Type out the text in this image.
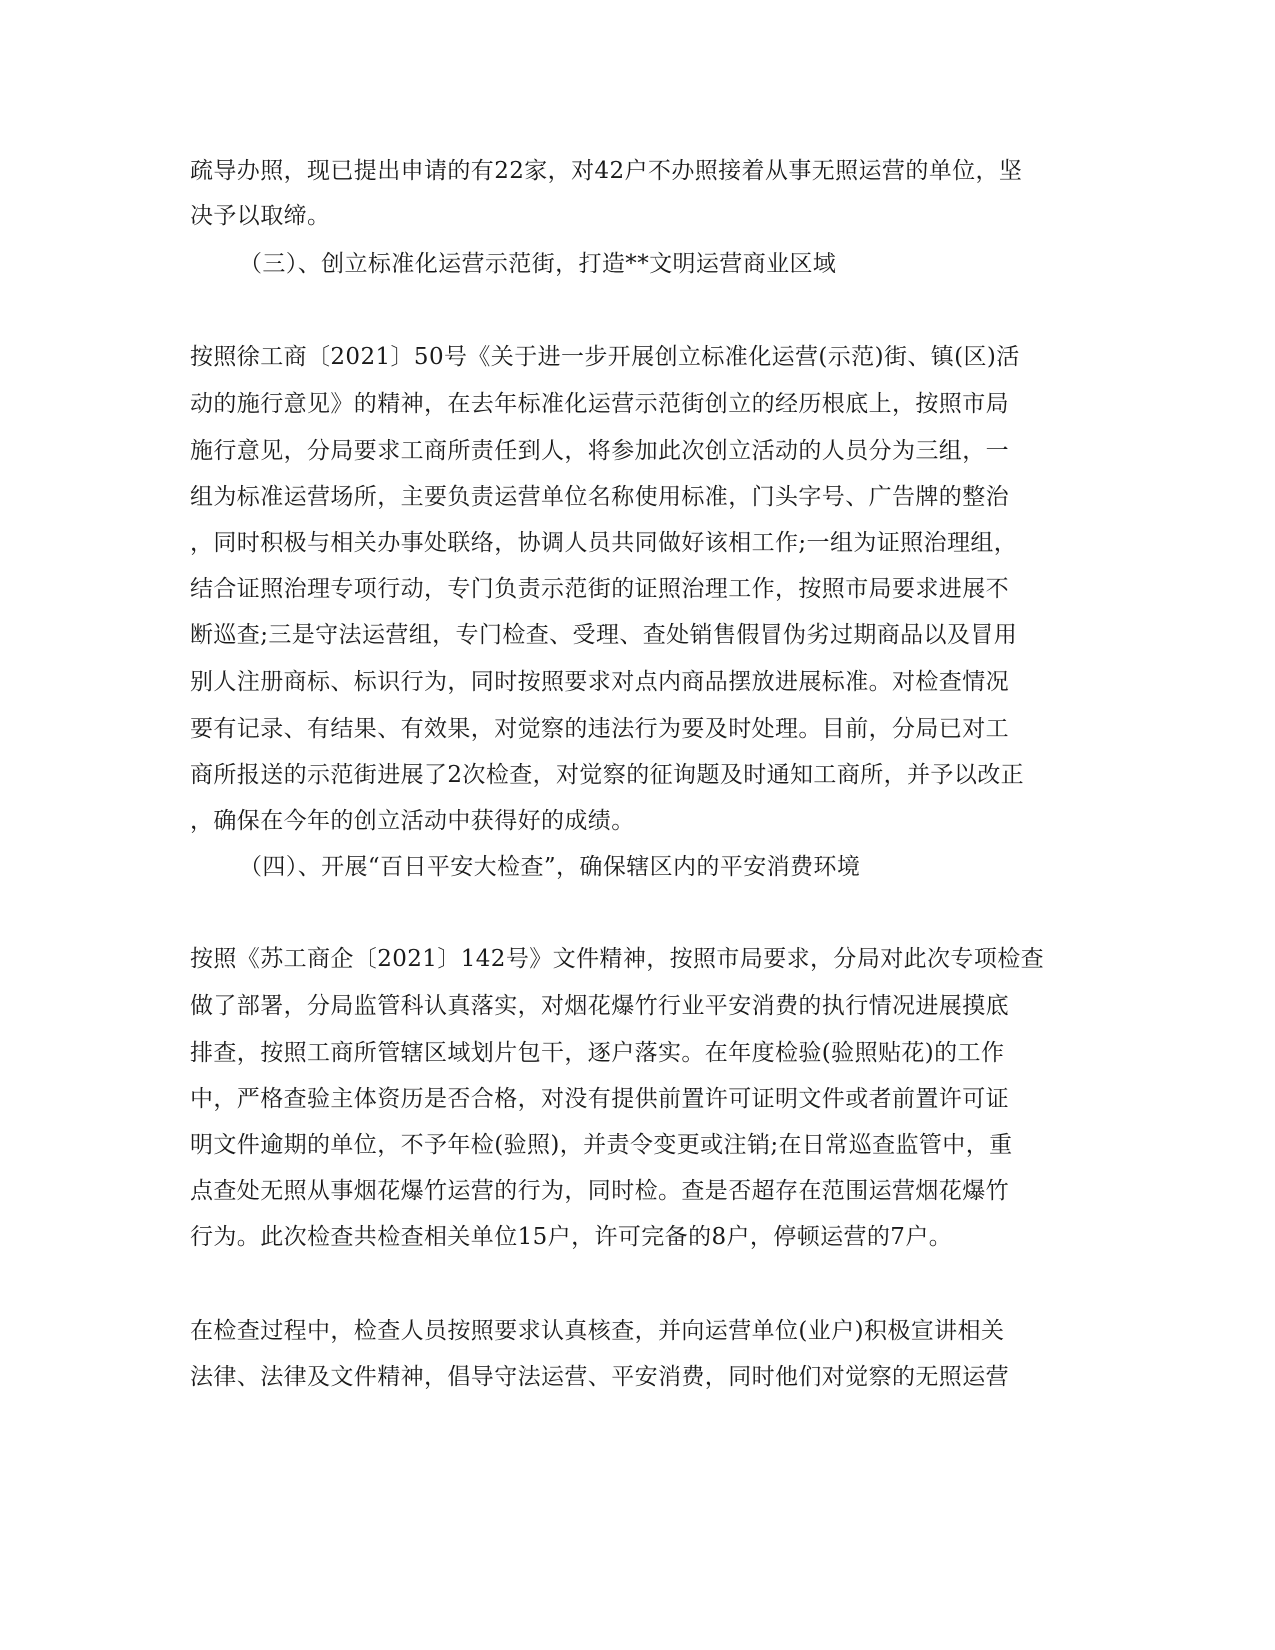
疏导办照，现已提出申请的有22家，对42户不办照接着从事无照运营的单位，坚
决予以取缔。
（三）、创立标准化运营示范街，打造**文明运营商业区域
按照徐工商〔2021〕50号《关于进一步开展创立标准化运营(示范)街、镇(区)活
动的施行意见》的精神，在去年标准化运营示范街创立的经历根底上，按照市局
施行意见，分局要求工商所责任到人，将参加此次创立活动的人员分为三组，一
组为标准运营场所，主要负责运营单位名称使用标准，门头字号、广告牌的整治
，同时积极与相关办事处联络，协调人员共同做好该相工作;一组为证照治理组，
结合证照治理专项行动，专门负责示范街的证照治理工作，按照市局要求进展不
断巡查;三是守法运营组，专门检查、受理、查处销售假冒伪劣过期商品以及冒用
别人注册商标、标识行为，同时按照要求对点内商品摆放进展标准。对检查情况
要有记录、有结果、有效果，对觉察的违法行为要及时处理。目前，分局已对工
商所报送的示范街进展了2次检查，对觉察的征询题及时通知工商所，并予以改正
，确保在今年的创立活动中获得好的成绩。
（四）、开展“百日平安大检查”，确保辖区内的平安消费环境
按照《苏工商企〔2021〕142号》文件精神，按照市局要求，分局对此次专项检查
做了部署，分局监管科认真落实，对烟花爆竹行业平安消费的执行情况进展摸底
排查，按照工商所管辖区域划片包干，逐户落实。在年度检验(验照贴花)的工作
中，严格查验主体资历是否合格，对没有提供前置许可证明文件或者前置许可证
明文件逾期的单位，不予年检(验照)，并责令变更或注销;在日常巡查监管中，重
点查处无照从事烟花爆竹运营的行为，同时检。查是否超存在范围运营烟花爆竹
行为。此次检查共检查相关单位15户，许可完备的8户，停顿运营的7户。
在检查过程中，检查人员按照要求认真核查，并向运营单位(业户)积极宣讲相关
法律、法律及文件精神，倡导守法运营、平安消费，同时他们对觉察的无照运营
